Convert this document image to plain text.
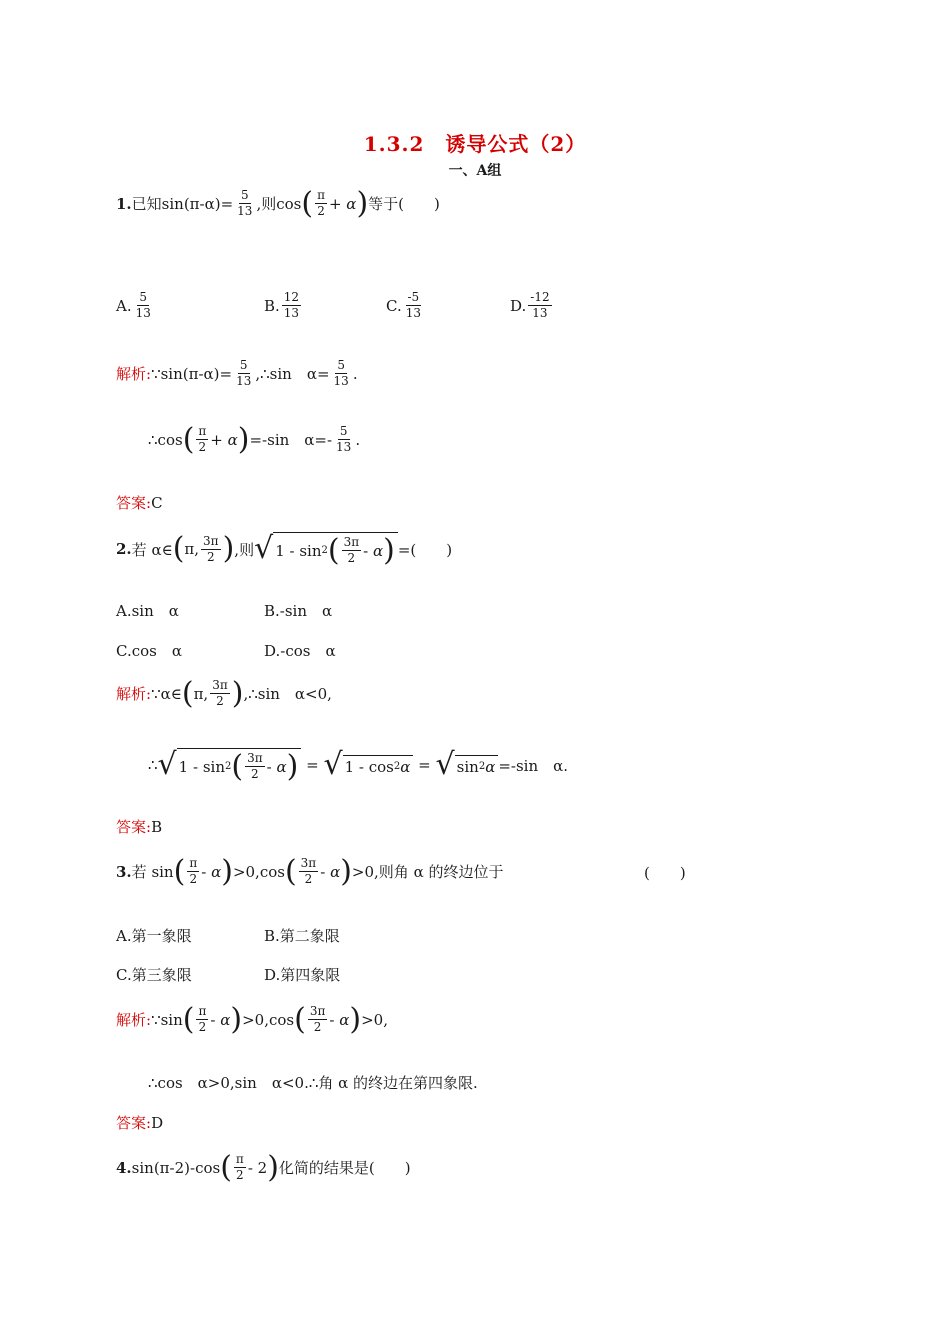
1.3.2　诱导公式（2）
一、A组
1. 已知$\sin(\pi-\alpha)= \frac{5}{13}$ ,则cos ( $\frac{\pi}{2} + \alpha$ ) 等于(　　)
A. $\frac{5}{13}$	B. $\frac{12}{13}$	C. $\frac{-5}{13}$	D. $\frac{-12}{13}$
解析: ∵sin(π-α)= $\frac{5}{13}$ ,∴sin　$\alpha= \frac{5}{13}$ .
∴cos ( $\frac{\pi}{2} + \alpha$ ) =-sin　$\alpha=- \frac{5}{13}$ .
答案:C
2. 若 α∈ ( π, $\frac{3\pi}{2}$ ) ,则 √ 1 - sin 2 ( $\frac{3\pi}{2}$ -
α ) =(　　)
A.sin　α	B.-sin　α
C.cos　α	D.-cos　α
解析: ∵α∈ ( π, $\frac{3\pi}{2}$ ) ,∴sin　α<0,
∴ √ 1 - sin 2 ( $\frac{3\pi}{2}$ -
α )
=
√ 1 - cos 2 α
=
√ sin 2 α =-sin　α.
答案:B
3. 若 sin ( $\frac{\pi}{2}$ -
α ) >0,cos ( $\frac{3\pi}{2}$ -
α ) >0,则角 α 的终边位于	(　　)
A.第一象限	B.第二象限
C.第三象限	D.第四象限
解析: ∵sin ( $\frac{\pi}{2}$ -
α ) >0,cos ( $\frac{3\pi}{2}$ -
α ) >0,
∴cos　α>0,sin　α<0.∴角 α 的终边在第四象限.
答案:D
4. sin(π-2)-cos ( $\frac{\pi}{2} - 2$ ) 化简的结果是(　　)
